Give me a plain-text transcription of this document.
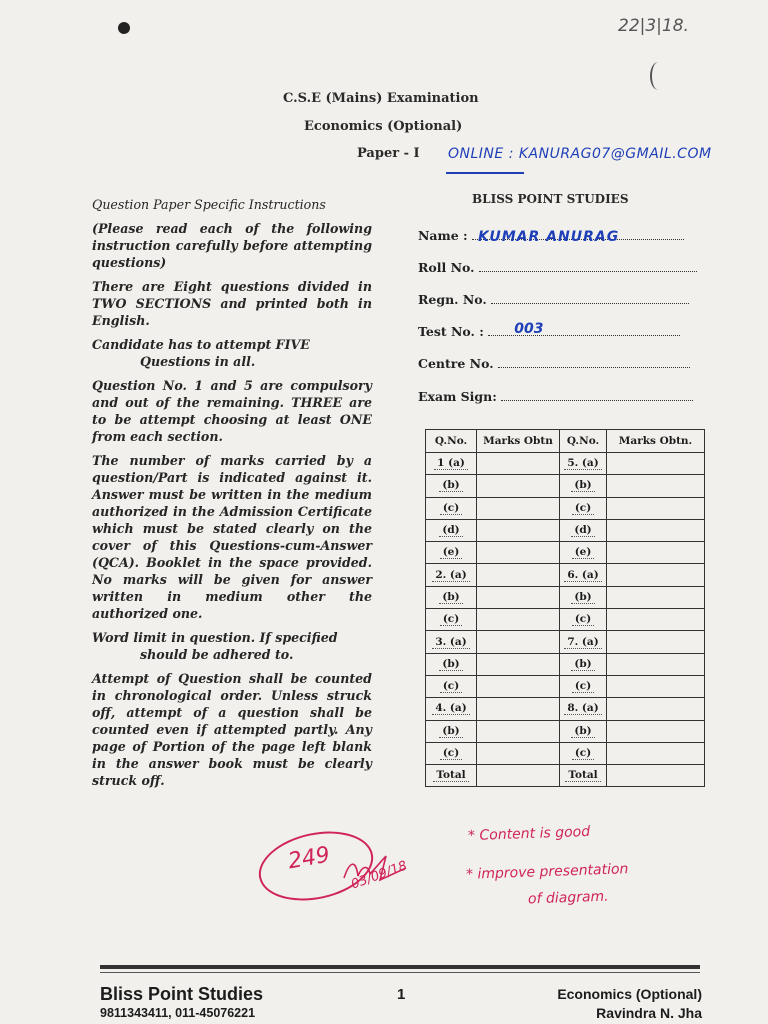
22|3|18.
C.S.E (Mains) Examination
Economics (Optional)
Paper - I ONLINE : KANURAG07@GMAIL.COM

Question Paper Specific Instructions

(Please read each of the following instruction carefully before attempting questions)

There are Eight questions divided in TWO SECTIONS and printed both in English.

Candidate has to attempt FIVE

Questions in all.

Question No. 1 and 5 are compulsory and out of the remaining. THREE are to be attempt choosing at least ONE from each section.

The number of marks carried by a question/Part is indicated against it. Answer must be written in the medium authorized in the Admission Certificate which must be stated clearly on the cover of this Questions-cum-Answer (QCA). Booklet in the space provided. No marks will be given for answer written in medium other the authorized one.

Word limit in question. If specified

should be adhered to.

Attempt of Question shall be counted in chronological order. Unless struck off, attempt of a question shall be counted even if attempted partly. Any page of Portion of the page left blank in the answer book must be clearly struck off.

BLISS POINT STUDIES
Name : KUMAR ANURAG
Roll No.
Regn. No.
Test No. : 003
Centre No.
Exam Sign:
Q.No.	Marks Obtn	Q.No.	Marks Obtn.
1 (a)		5. (a)	
(b)		(b)	
(c)		(c)	
(d)		(d)	
(e)		(e)	
2. (a)		6. (a)	
(b)		(b)	
(c)		(c)	
3. (a)		7. (a)	
(b)		(b)	
(c)		(c)	
4. (a)		8. (a)	
(b)		(b)	
(c)		(c)	
Total		Total	
249 03/09/18
* Content is good
* improve presentation
of diagram.
Bliss Point Studies
9811343411, 011-45076221
1	Economics (Optional)
Ravindra N. Jha
